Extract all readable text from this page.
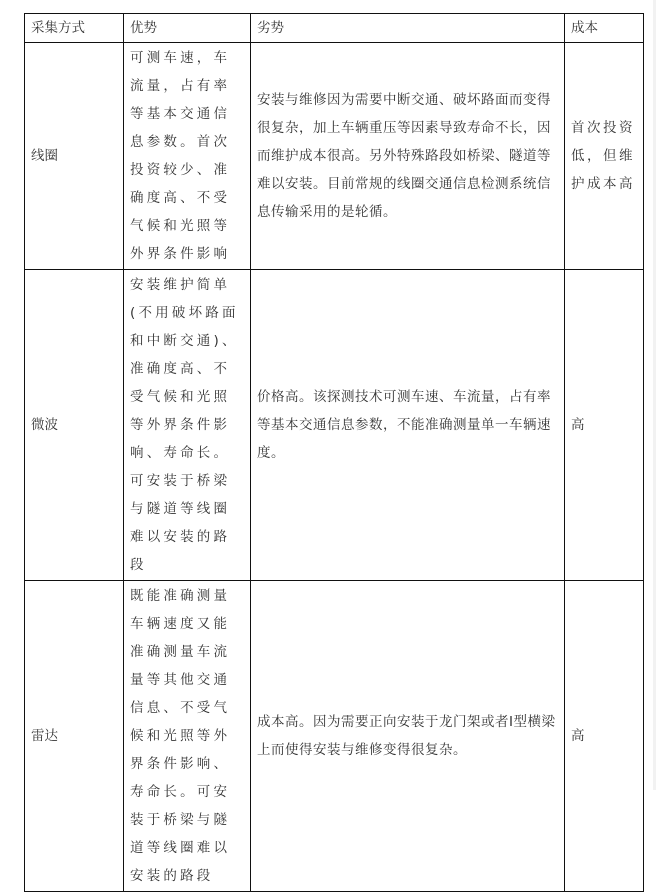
采集方式	优势	劣势	成本
线圈	可测车速，车流量，占有率等基本交通信息参数。首次投资较少、准确度高、不受气候和光照等外界条件影响	安装与维修因为需要中断交通、破坏路面而变得很复杂，加上车辆重压等因素导致寿命不长，因而维护成本很高。另外特殊路段如桥梁、隧道等难以安装。目前常规的线圈交通信息检测系统信息传输采用的是轮循。	首次投资低，但维护成本高
微波	安装维护简单(不用破坏路面和中断交通)、准确度高、不受气候和光照等外界条件影响、寿命长。可安装于桥梁与隧道等线圈难以安装的路段	价格高。该探测技术可测车速、车流量，占有率等基本交通信息参数，不能准确测量单一车辆速度。	高
雷达	既能准确测量车辆速度又能准确测量车流量等其他交通信息、不受气候和光照等外界条件影响、寿命长。可安装于桥梁与隧道等线圈难以安装的路段	成本高。因为需要正向安装于龙门架或者I型横梁上而使得安装与维修变得很复杂。	高
